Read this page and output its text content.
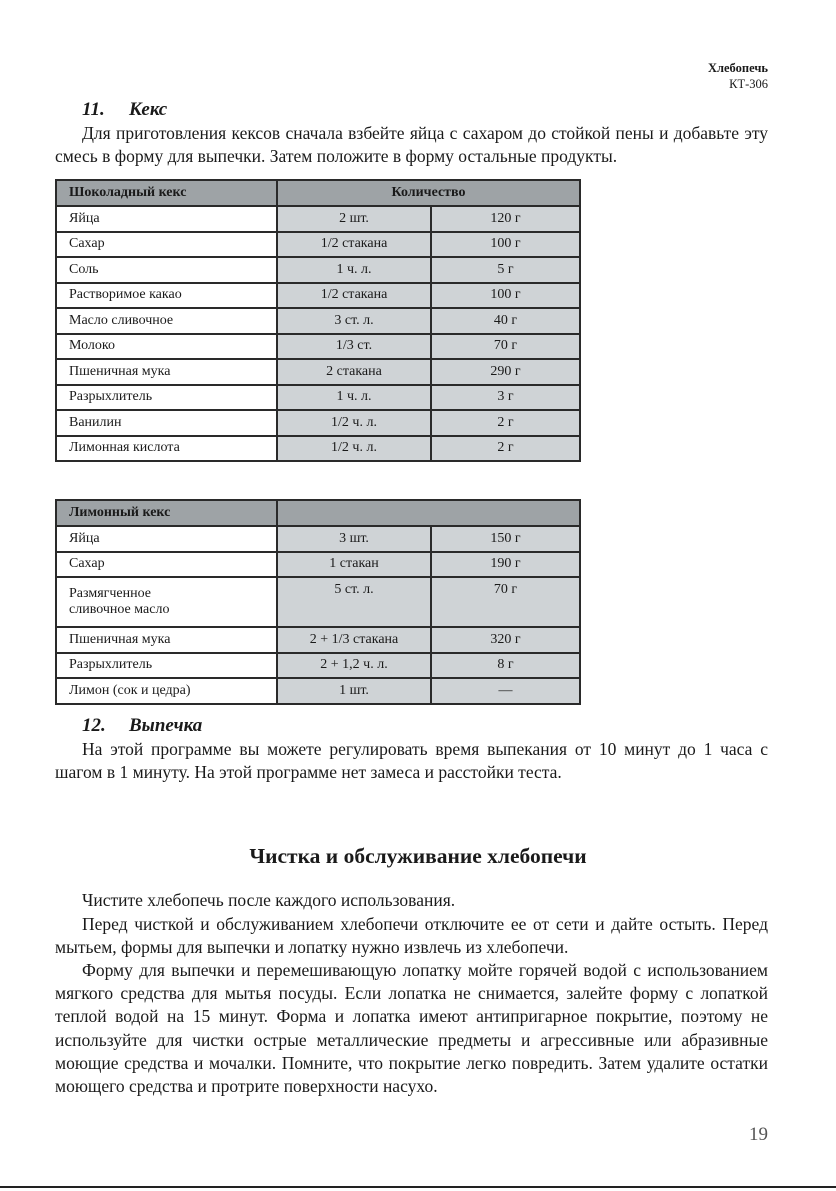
Хлебопечь
КТ-306
11. Кекс

Для приготовления кексов сначала взбейте яйца с сахаром до стойкой пены и добавьте эту смесь в форму для выпечки. Затем положите в форму остальные продукты.

Шоколадный кекс	Количество	
Яйца	2 шт.	120 г
Сахар	1/2 стакана	100 г
Соль	1 ч. л.	5 г
Растворимое какао	1/2 стакана	100 г
Масло сливочное	3 ст. л.	40 г
Молоко	1/3 ст.	70 г
Пшеничная мука	2 стакана	290 г
Разрыхлитель	1 ч. л.	3 г
Ванилин	1/2 ч. л.	2 г
Лимонная кислота	1/2 ч. л.	2 г
Лимонный кекс		
Яйца	3 шт.	150 г
Сахар	1 стакан	190 г
Размягченное
сливочное масло	5 ст. л.	70 г
Пшеничная мука	2 + 1/3 стакана	320 г
Разрыхлитель	2 + 1,2 ч. л.	8 г
Лимон (сок и цедра)	1 шт.	—
12. Выпечка

На этой программе вы можете регулировать время выпекания от 10 минут до 1 часа с шагом в 1 минуту. На этой программе нет замеса и расстойки теста.

Чистка и обслуживание хлебопечи

Чистите хлебопечь после каждого использования.

Перед чисткой и обслуживанием хлебопечи отключите ее от сети и дайте остыть. Перед мытьем, формы для выпечки и лопатку нужно извлечь из хлебопечи.

Форму для выпечки и перемешивающую лопатку мойте горячей водой с использованием мягкого средства для мытья посуды. Если лопатка не снимается, залейте форму с лопаткой теплой водой на 15 минут. Форма и лопатка имеют антипригарное покрытие, поэтому не используйте для чистки острые металлические предметы и агрессивные или абразивные моющие средства и мочалки. Помните, что покрытие легко повредить. Затем удалите остатки моющего средства и протрите поверхности насухо.

19
